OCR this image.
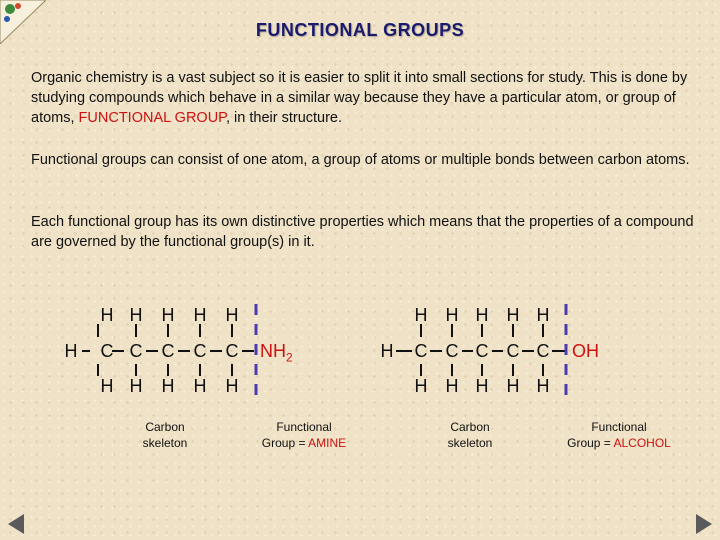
FUNCTIONAL GROUPS

Organic chemistry is a vast subject so it is easier to split it into small sections for study. This is done by studying compounds which behave in a similar way because they have a particular atom, or group of atoms, FUNCTIONAL GROUP, in their structure.

Functional groups can consist of one atom, a group of atoms or multiple bonds between carbon atoms.

Each functional group has its own distinctive properties which means that the properties of a compound are governed by the functional group(s) in it.

H H H H H
H C C C C C
H H H H H
$NH_2$
Carbon
skeleton
Functional
Group = AMINE
H H H H H
H C C C C C
H H H H H
OH
Carbon
skeleton
Functional
Group = ALCOHOL
